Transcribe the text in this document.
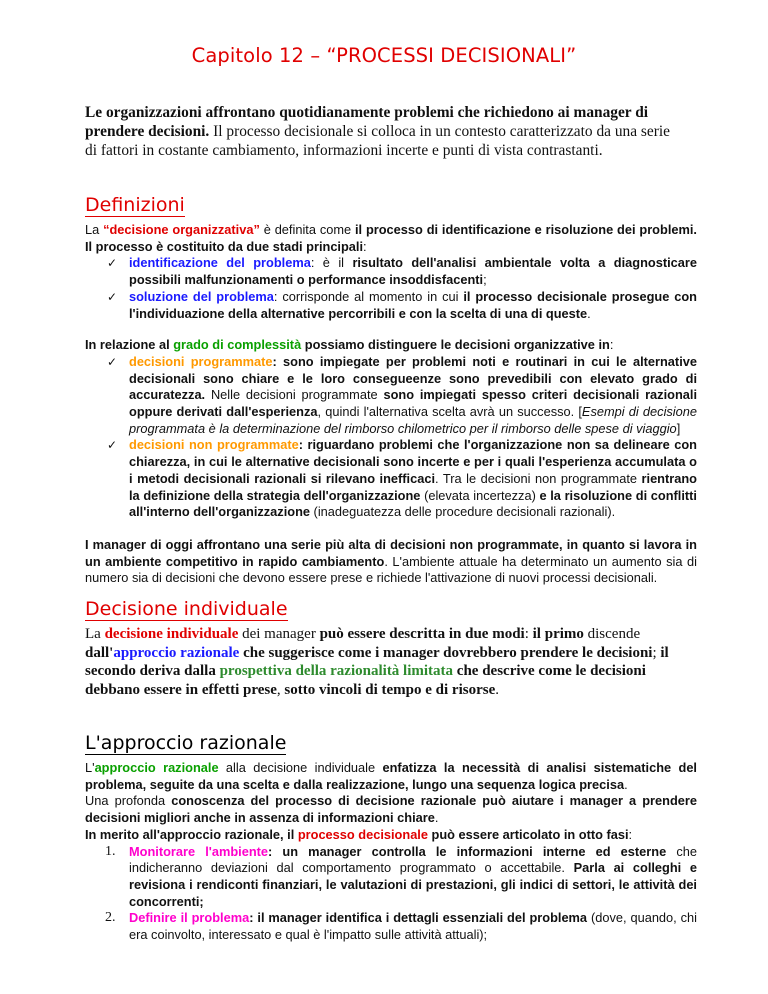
Capitolo 12 – “PROCESSI DECISIONALI”
Le organizzazioni affrontano quotidianamente problemi che richiedono ai manager di prendere decisioni. Il processo decisionale si colloca in un contesto caratterizzato da una serie di fattori in costante cambiamento, informazioni incerte e punti di vista contrastanti.
Definizioni

La “decisione organizzativa” è definita come il processo di identificazione e risoluzione dei problemi. Il processo è costituito da due stadi principali:

✓ identificazione del problema: è il risultato dell'analisi ambientale volta a diagnosticare possibili malfunzionamenti o performance insoddisfacenti;
✓ soluzione del problema: corrisponde al momento in cui il processo decisionale prosegue con l'individuazione della alternative percorribili e con la scelta di una di queste.

In relazione al grado di complessità possiamo distinguere le decisioni organizzative in:

✓ decisioni programmate: sono impiegate per problemi noti e routinari in cui le alternative decisionali sono chiare e le loro consegueenze sono prevedibili con elevato grado di accuratezza. Nelle decisioni programmate sono impiegati spesso criteri decisionali razionali oppure derivati dall'esperienza, quindi l'alternativa scelta avrà un successo. [Esempi di decisione programmata è la determinazione del rimborso chilometrico per il rimborso delle spese di viaggio]
✓ decisioni non programmate: riguardano problemi che l'organizzazione non sa delineare con chiarezza, in cui le alternative decisionali sono incerte e per i quali l'esperienza accumulata o i metodi decisionali razionali si rilevano inefficaci. Tra le decisioni non programmate rientrano la definizione della strategia dell'organizzazione (elevata incertezza) e la risoluzione di conflitti all'interno dell'organizzazione (inadeguatezza delle procedure decisionali razionali).

I manager di oggi affrontano una serie più alta di decisioni non programmate, in quanto si lavora in un ambiente competitivo in rapido cambiamento. L'ambiente attuale ha determinato un aumento sia di numero sia di decisioni che devono essere prese e richiede l'attivazione di nuovi processi decisionali.

Decisione individuale
La decisione individuale dei manager può essere descritta in due modi: il primo discende dall'approccio razionale che suggerisce come i manager dovrebbero prendere le decisioni; il secondo deriva dalla prospettiva della razionalità limitata che descrive come le decisioni debbano essere in effetti prese, sotto vincoli di tempo e di risorse.
L'approccio razionale

L'approccio razionale alla decisione individuale enfatizza la necessità di analisi sistematiche del problema, seguite da una scelta e dalla realizzazione, lungo una sequenza logica precisa.

Una profonda conoscenza del processo di decisione razionale può aiutare i manager a prendere decisioni migliori anche in assenza di informazioni chiare.

In merito all'approccio razionale, il processo decisionale può essere articolato in otto fasi:

1. Monitorare l'ambiente: un manager controlla le informazioni interne ed esterne che indicheranno deviazioni dal comportamento programmato o accettabile. Parla ai colleghi e revisiona i rendiconti finanziari, le valutazioni di prestazioni, gli indici di settori, le attività dei concorrenti;
2. Definire il problema: il manager identifica i dettagli essenziali del problema (dove, quando, chi era coinvolto, interessato e qual è l'impatto sulle attività attuali);
